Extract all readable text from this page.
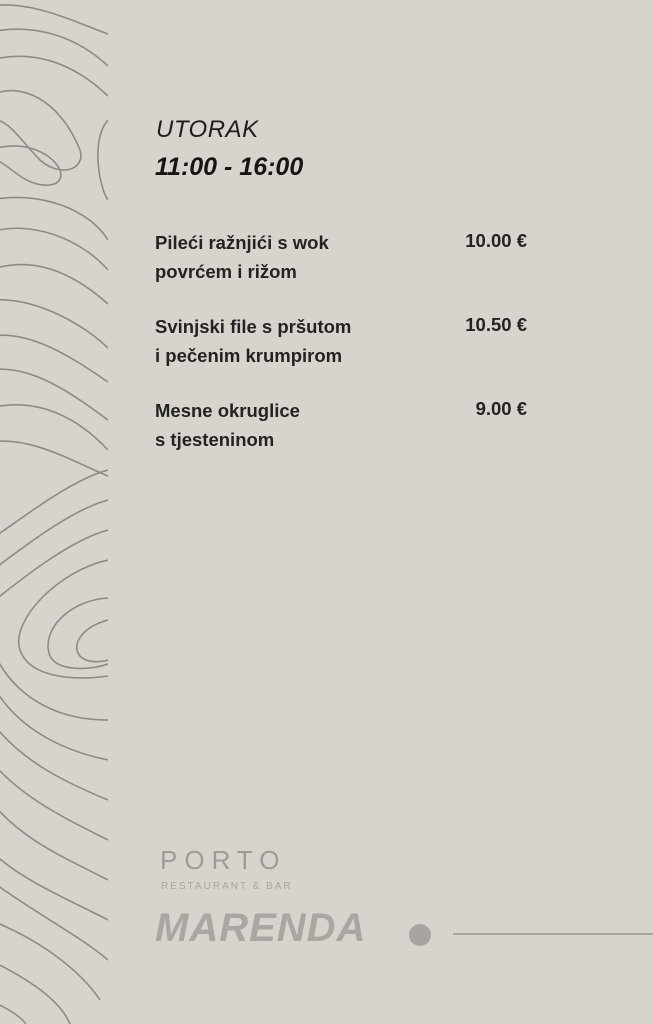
UTORAK
11:00 - 16:00
Pileći ražnjići s wok
povrćem i rižom
10.00 €
Svinjski file s pršutom
i pečenim krumpirom
10.50 €
Mesne okruglice
s tjesteninom
9.00 €
PORTO
RESTAURANT & BAR
MARENDA
